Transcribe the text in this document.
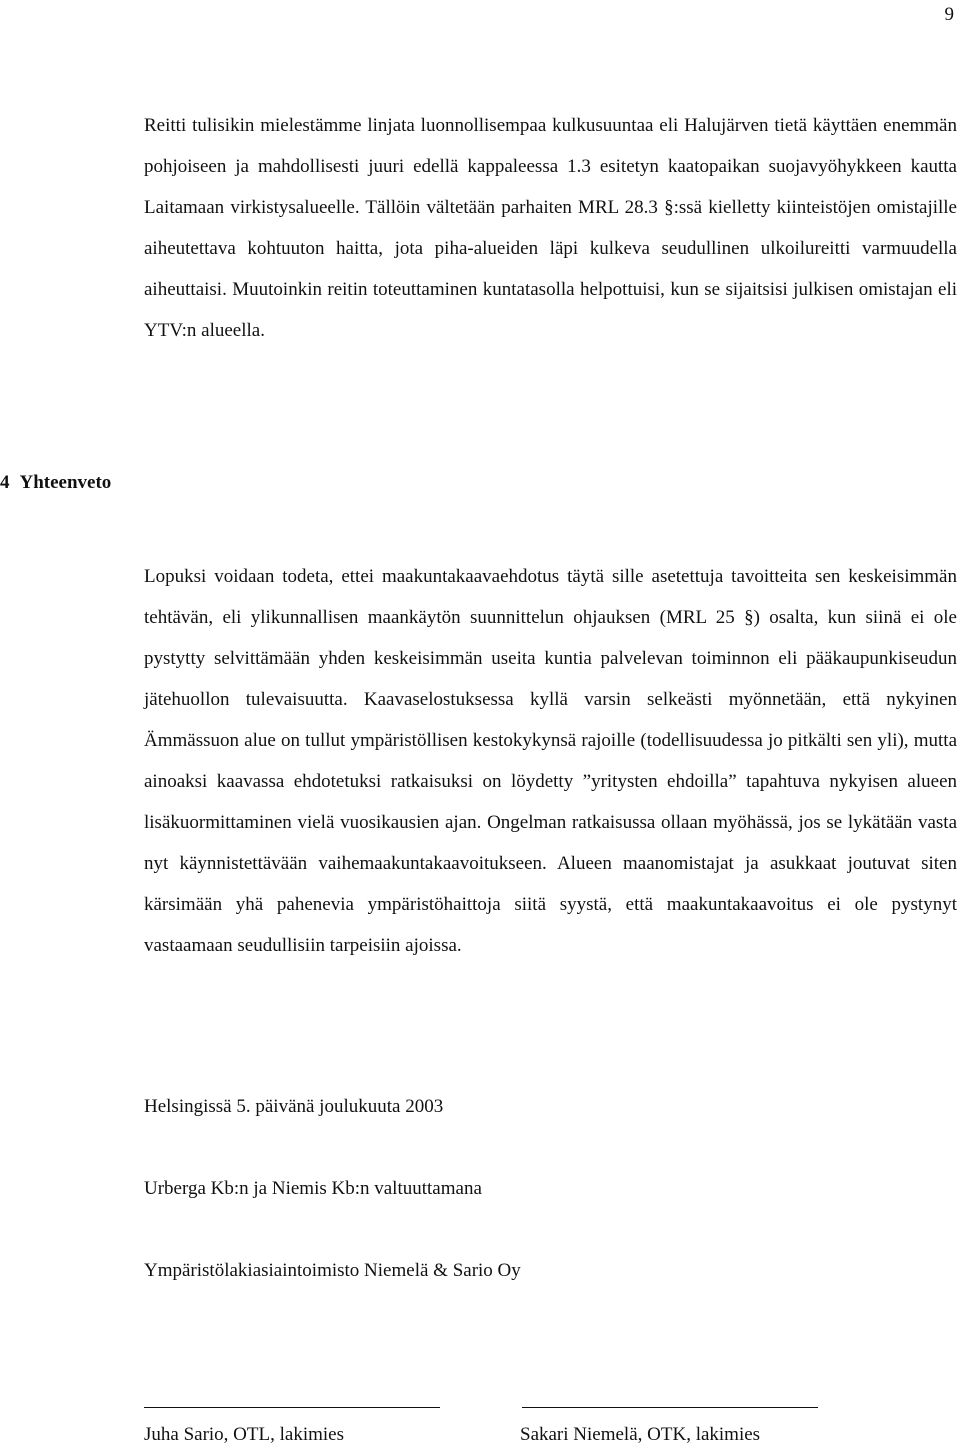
9

Reitti tulisikin mielestämme linjata luonnollisempaa kulkusuuntaa eli Halujärven tietä käyttäen enemmän pohjoiseen ja mahdollisesti juuri edellä kappaleessa 1.3 esitetyn kaatopaikan suojavyöhykkeen kautta Laitamaan virkistysalueelle. Tällöin vältetään parhaiten MRL 28.3 §:ssä kielletty kiinteistöjen omistajille aiheutettava kohtuuton haitta, jota piha-alueiden läpi kulkeva seudullinen ulkoilureitti varmuudella aiheuttaisi. Muutoinkin reitin toteuttaminen kuntatasolla helpottuisi, kun se sijaitsisi julkisen omistajan eli YTV:n alueella.

4 Yhteenveto

Lopuksi voidaan todeta, ettei maakuntakaavaehdotus täytä sille asetettuja tavoitteita sen keskeisimmän tehtävän, eli ylikunnallisen maankäytön suunnittelun ohjauksen (MRL 25 §) osalta, kun siinä ei ole pystytty selvittämään yhden keskeisimmän useita kuntia palvelevan toiminnon eli pääkaupunkiseudun jätehuollon tulevaisuutta. Kaavaselostuksessa kyllä varsin selkeästi myönnetään, että nykyinen Ämmässuon alue on tullut ympäristöllisen kestokykynsä rajoille (todellisuudessa jo pitkälti sen yli), mutta ainoaksi kaavassa ehdotetuksi ratkaisuksi on löydetty ”yritysten ehdoilla” tapahtuva nykyisen alueen lisäkuormittaminen vielä vuosikausien ajan. Ongelman ratkaisussa ollaan myöhässä, jos se lykätään vasta nyt käynnistettävään vaihemaakuntakaavoitukseen. Alueen maanomistajat ja asukkaat joutuvat siten kärsimään yhä pahenevia ympäristöhaittoja siitä syystä, että maakuntakaavoitus ei ole pystynyt vastaamaan seudullisiin tarpeisiin ajoissa.

Helsingissä 5. päivänä joulukuuta 2003

Urberga Kb:n ja Niemis Kb:n valtuuttamana

Ympäristölakiasiaintoimisto Niemelä & Sario Oy

Juha Sario, OTL, lakimies	Sakari Niemelä, OTK, lakimies
